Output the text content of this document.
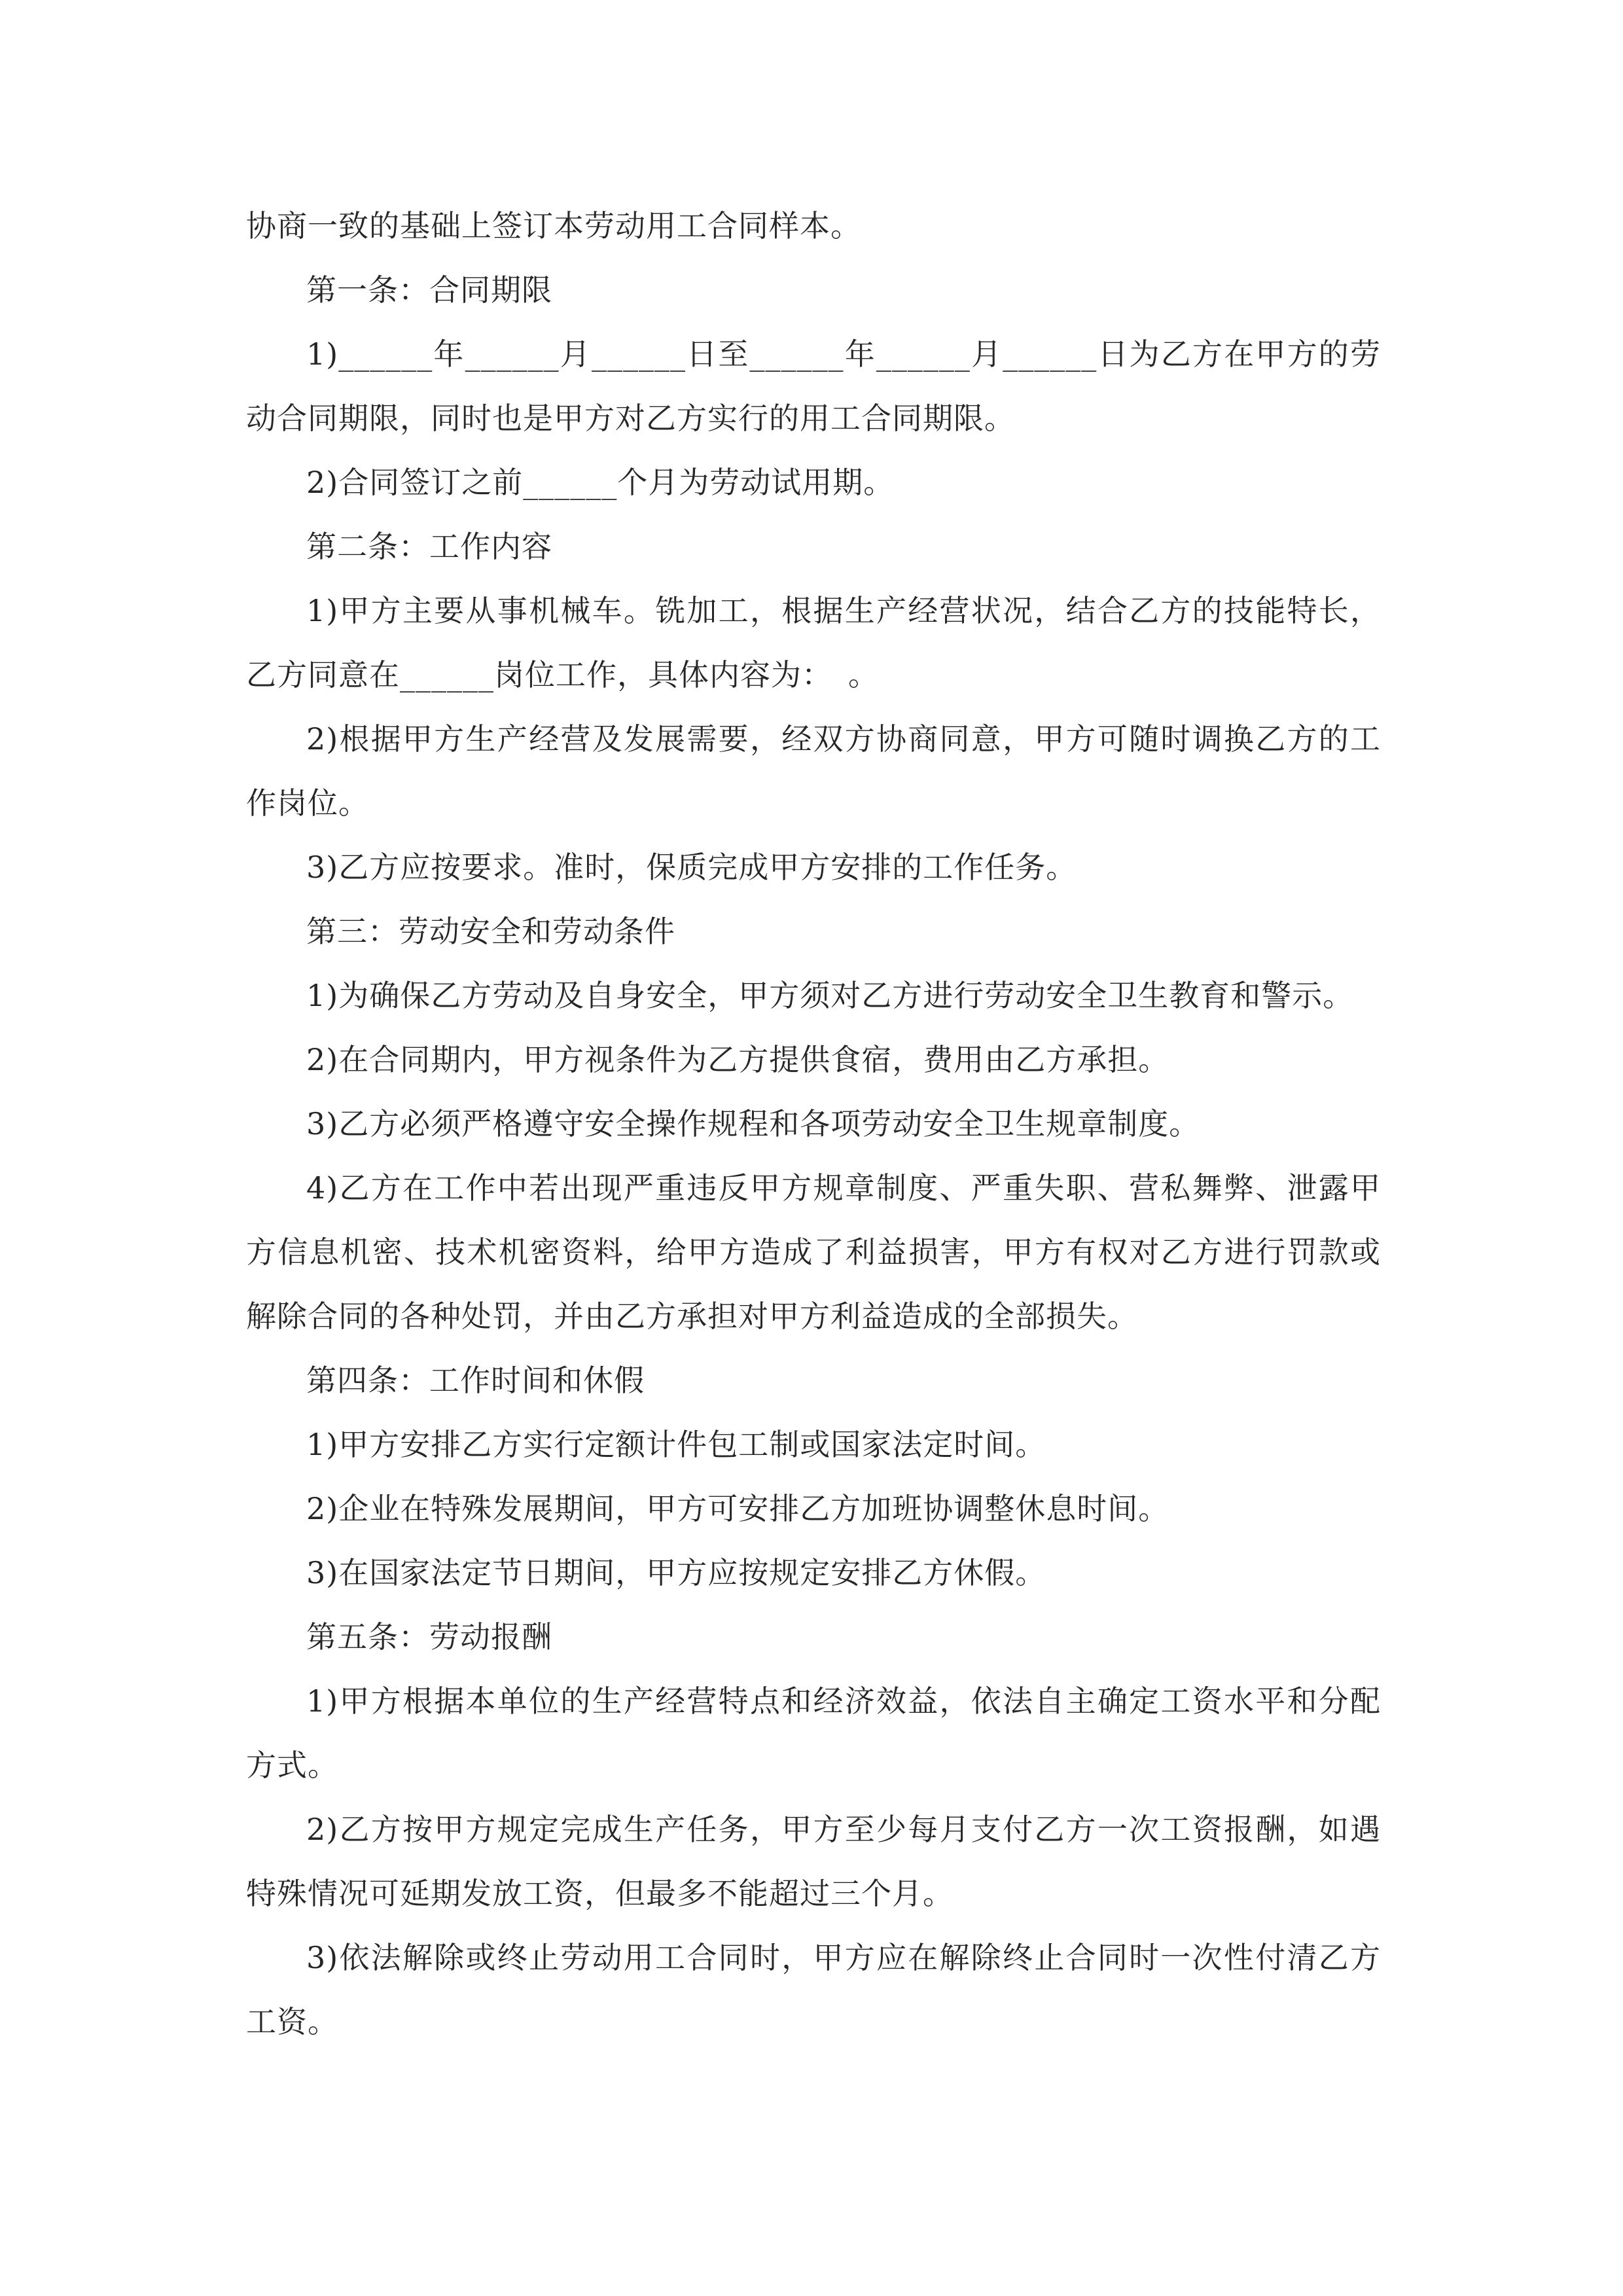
协商一致的基础上签订本劳动用工合同样本。

第一条：合同期限

1)______年______月______日至______年______月______日为乙方在甲方的劳动合同期限，同时也是甲方对乙方实行的用工合同期限。

2)合同签订之前______个月为劳动试用期。

第二条：工作内容

1)甲方主要从事机械车。铣加工，根据生产经营状况，结合乙方的技能特长，乙方同意在______岗位工作，具体内容为：　。

2)根据甲方生产经营及发展需要，经双方协商同意，甲方可随时调换乙方的工作岗位。

3)乙方应按要求。准时，保质完成甲方安排的工作任务。

第三：劳动安全和劳动条件

1)为确保乙方劳动及自身安全，甲方须对乙方进行劳动安全卫生教育和警示。

2)在合同期内，甲方视条件为乙方提供食宿，费用由乙方承担。

3)乙方必须严格遵守安全操作规程和各项劳动安全卫生规章制度。

4)乙方在工作中若出现严重违反甲方规章制度、严重失职、营私舞弊、泄露甲方信息机密、技术机密资料，给甲方造成了利益损害，甲方有权对乙方进行罚款或解除合同的各种处罚，并由乙方承担对甲方利益造成的全部损失。

第四条：工作时间和休假

1)甲方安排乙方实行定额计件包工制或国家法定时间。

2)企业在特殊发展期间，甲方可安排乙方加班协调整休息时间。

3)在国家法定节日期间，甲方应按规定安排乙方休假。

第五条：劳动报酬

1)甲方根据本单位的生产经营特点和经济效益，依法自主确定工资水平和分配方式。

2)乙方按甲方规定完成生产任务，甲方至少每月支付乙方一次工资报酬，如遇特殊情况可延期发放工资，但最多不能超过三个月。

3)依法解除或终止劳动用工合同时，甲方应在解除终止合同时一次性付清乙方工资。
